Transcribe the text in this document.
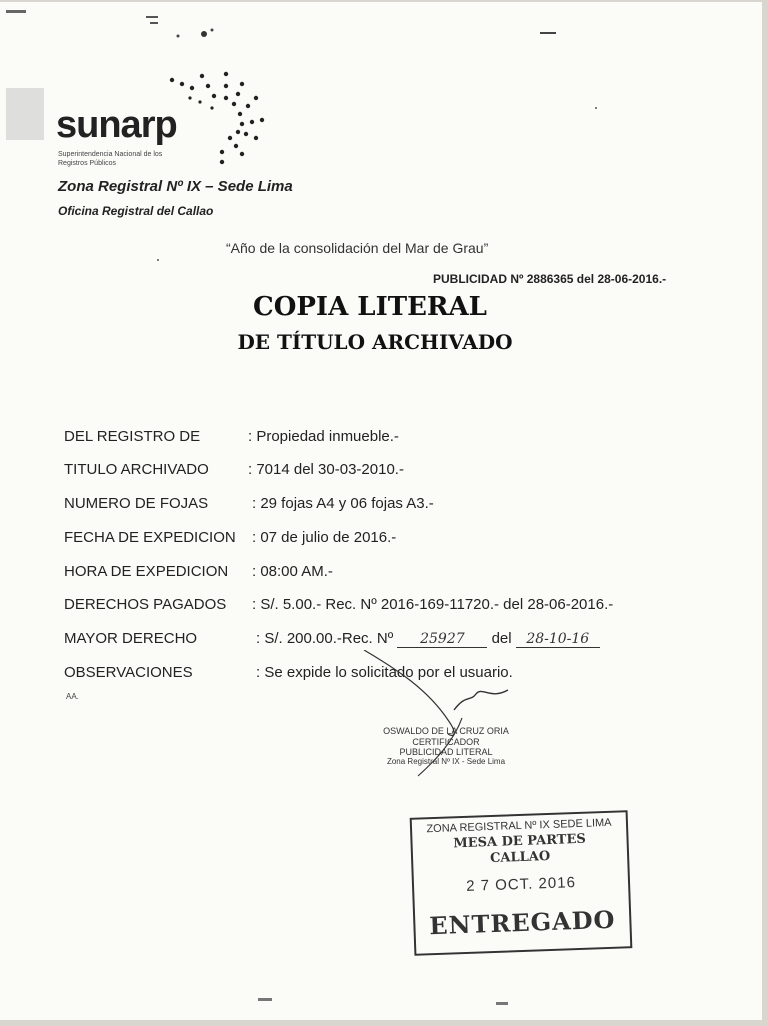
sunarp
Superintendencia Nacional de los Registros Públicos
Zona Registral Nº IX – Sede Lima
Oficina Registral del Callao
“Año de la consolidación del Mar de Grau”
PUBLICIDAD Nº 2886365 del 28-06-2016.-
COPIA LITERAL
DE TÍTULO ARCHIVADO
DEL REGISTRO DE	: Propiedad inmueble.-
TITULO ARCHIVADO	: 7014 del 30-03-2010.-
NUMERO DE FOJAS	: 29 fojas A4 y 06 fojas A3.-
FECHA DE EXPEDICION : 07 de julio de 2016.-
HORA DE EXPEDICION : 08:00 AM.-
DERECHOS PAGADOS : S/. 5.00.- Rec. Nº 2016-169-11720.- del 28-06-2016.-
MAYOR DERECHO	: S/. 200.00.-Rec. Nº 25927 del 28-10-16
OBSERVACIONES	: Se expide lo solicitado por el usuario.
AA.
OSWALDO DE LA CRUZ ORIA
CERTIFICADOR
PUBLICIDAD LITERAL
Zona Registral Nº IX - Sede Lima
ZONA REGISTRAL Nº IX SEDE LIMA
MESA DE PARTES
CALLAO
2 7 OCT. 2016
ENTREGADO
